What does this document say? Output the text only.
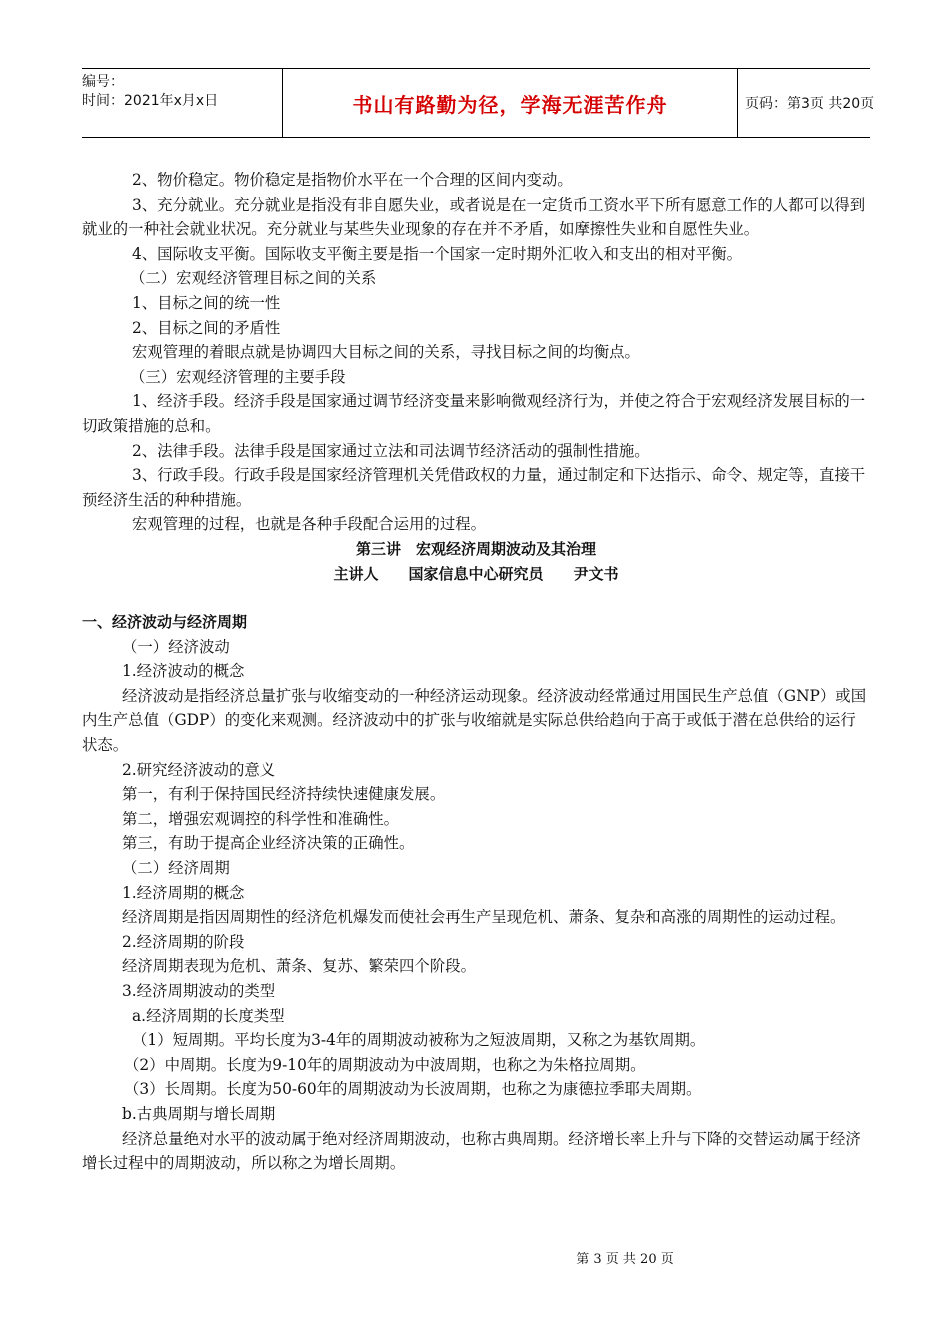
编号：
时间：2021年x月x日	书山有路勤为径，学海无涯苦作舟	页码：第3页 共20页

2、物价稳定。物价稳定是指物价水平在一个合理的区间内变动。

3、充分就业。充分就业是指没有非自愿失业，或者说是在一定货币工资水平下所有愿意工作的人都可以得到就业的一种社会就业状况。充分就业与某些失业现象的存在并不矛盾，如摩擦性失业和自愿性失业。

4、国际收支平衡。国际收支平衡主要是指一个国家一定时期外汇收入和支出的相对平衡。

（二）宏观经济管理目标之间的关系

1、目标之间的统一性

2、目标之间的矛盾性

宏观管理的着眼点就是协调四大目标之间的关系，寻找目标之间的均衡点。

（三）宏观经济管理的主要手段

1、经济手段。经济手段是国家通过调节经济变量来影响微观经济行为，并使之符合于宏观经济发展目标的一切政策措施的总和。

2、法律手段。法律手段是国家通过立法和司法调节经济活动的强制性措施。

3、行政手段。行政手段是国家经济管理机关凭借政权的力量，通过制定和下达指示、命令、规定等，直接干预经济生活的种种措施。

宏观管理的过程，也就是各种手段配合运用的过程。

第三讲　宏观经济周期波动及其治理

主讲人　　国家信息中心研究员　　尹文书

一、经济波动与经济周期

（一）经济波动

1.经济波动的概念

经济波动是指经济总量扩张与收缩变动的一种经济运动现象。经济波动经常通过用国民生产总值（GNP）或国内生产总值（GDP）的变化来观测。经济波动中的扩张与收缩就是实际总供给趋向于高于或低于潜在总供给的运行状态。

2.研究经济波动的意义

第一，有利于保持国民经济持续快速健康发展。

第二，增强宏观调控的科学性和准确性。

第三，有助于提高企业经济决策的正确性。

（二）经济周期

1.经济周期的概念

经济周期是指因周期性的经济危机爆发而使社会再生产呈现危机、萧条、复杂和高涨的周期性的运动过程。

2.经济周期的阶段

经济周期表现为危机、萧条、复苏、繁荣四个阶段。

3.经济周期波动的类型

a.经济周期的长度类型

（1）短周期。平均长度为3-4年的周期波动被称为之短波周期，又称之为基钦周期。

（2）中周期。长度为9-10年的周期波动为中波周期，也称之为朱格拉周期。

（3）长周期。长度为50-60年的周期波动为长波周期，也称之为康德拉季耶夫周期。

b.古典周期与增长周期

经济总量绝对水平的波动属于绝对经济周期波动，也称古典周期。经济增长率上升与下降的交替运动属于经济增长过程中的周期波动，所以称之为增长周期。

第 3 页 共 20 页
